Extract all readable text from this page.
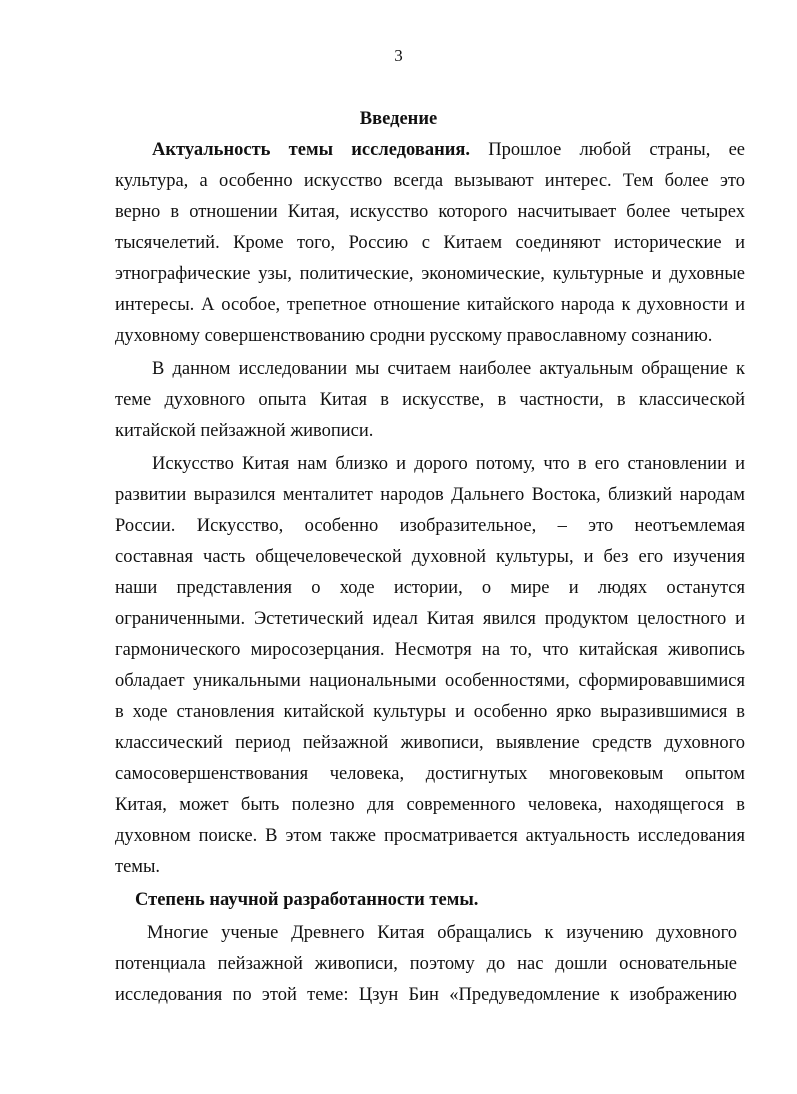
3
Введение
Актуальность темы исследования. Прошлое любой страны, ее
культура, а особенно искусство всегда вызывают интерес. Тем более это
верно в отношении Китая, искусство которого насчитывает более четырех
тысячелетий. Кроме того, Россию с Китаем соединяют исторические и
этнографические узы, политические, экономические, культурные и духовные
интересы. А особое, трепетное отношение китайского народа к духовности и
духовному совершенствованию сродни русскому православному сознанию.
В данном исследовании мы считаем наиболее актуальным обращение к
теме духовного опыта Китая в искусстве, в частности, в классической
китайской пейзажной живописи.
Искусство Китая нам близко и дорого потому, что в его становлении и
развитии выразился менталитет народов Дальнего Востока, близкий народам
России. Искусство, особенно изобразительное, – это неотъемлемая
составная часть общечеловеческой духовной культуры, и без его изучения
наши представления о ходе истории, о мире и людях останутся
ограниченными. Эстетический идеал Китая явился продуктом целостного и
гармонического миросозерцания. Несмотря на то, что китайская живопись
обладает уникальными национальными особенностями, сформировавшимися
в ходе становления китайской культуры и особенно ярко выразившимися в
классический период пейзажной живописи, выявление средств духовного
самосовершенствования человека, достигнутых многовековым опытом
Китая, может быть полезно для современного человека, находящегося в
духовном поиске. В этом также просматривается актуальность исследования
темы.
Степень научной разработанности темы.
Многие ученые Древнего Китая обращались к изучению духовного
потенциала пейзажной живописи, поэтому до нас дошли основательные
исследования по этой теме: Цзун Бин «Предуведомление к изображению
